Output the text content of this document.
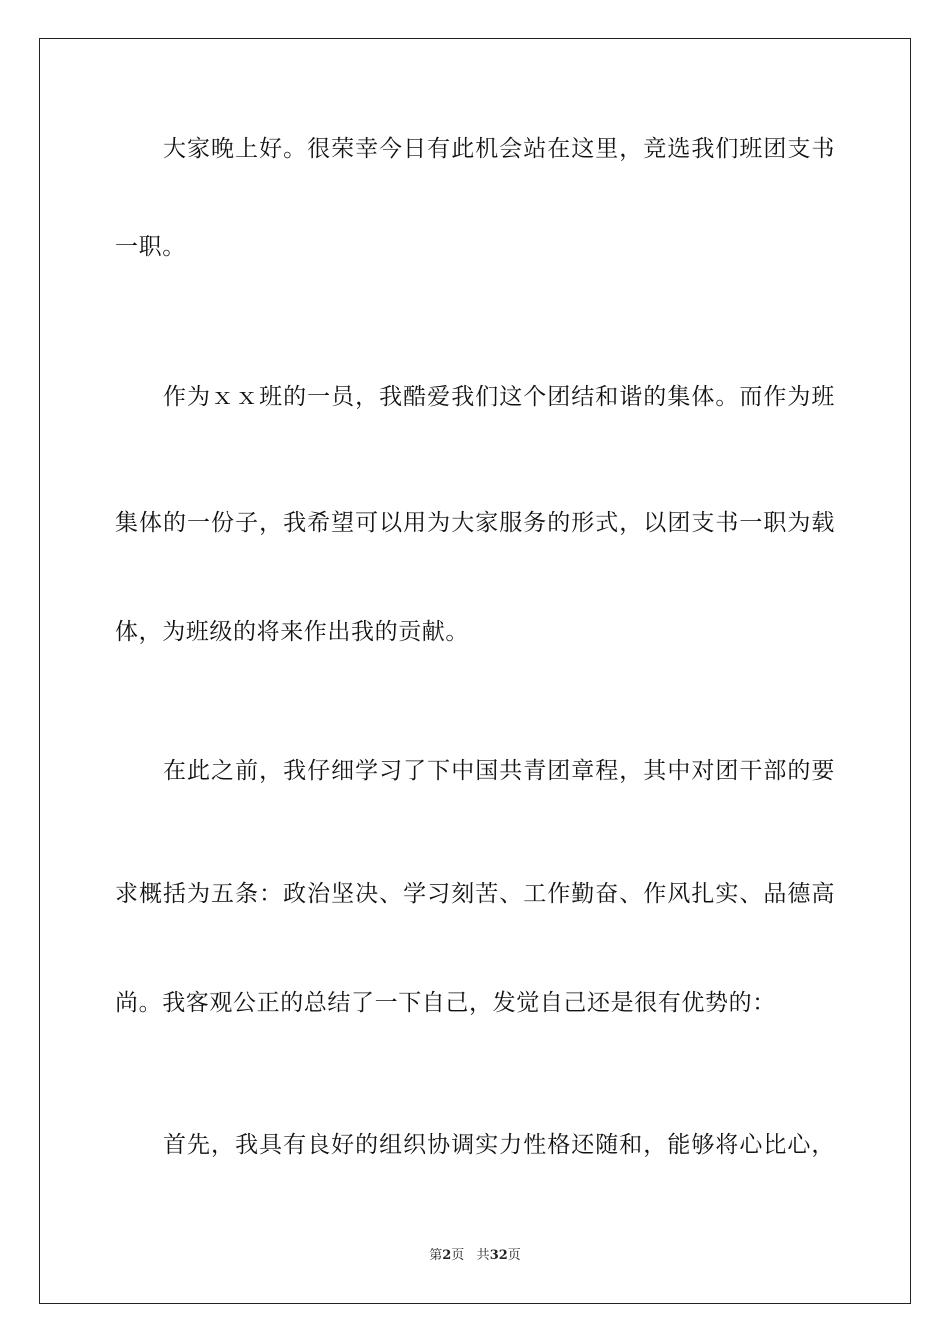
　　大家晚上好。很荣幸今日有此机会站在这里，竞选我们班团支书
一职。
　　作为ｘｘ班的一员，我酷爱我们这个团结和谐的集体。而作为班
集体的一份子，我希望可以用为大家服务的形式，以团支书一职为载
体，为班级的将来作出我的贡献。
　　在此之前，我仔细学习了下中国共青团章程，其中对团干部的要
求概括为五条：政治坚决、学习刻苦、工作勤奋、作风扎实、品德高
尚。我客观公正的总结了一下自己，发觉自己还是很有优势的：
　　首先，我具有良好的组织协调实力性格还随和，能够将心比心，
第2页 共32页
